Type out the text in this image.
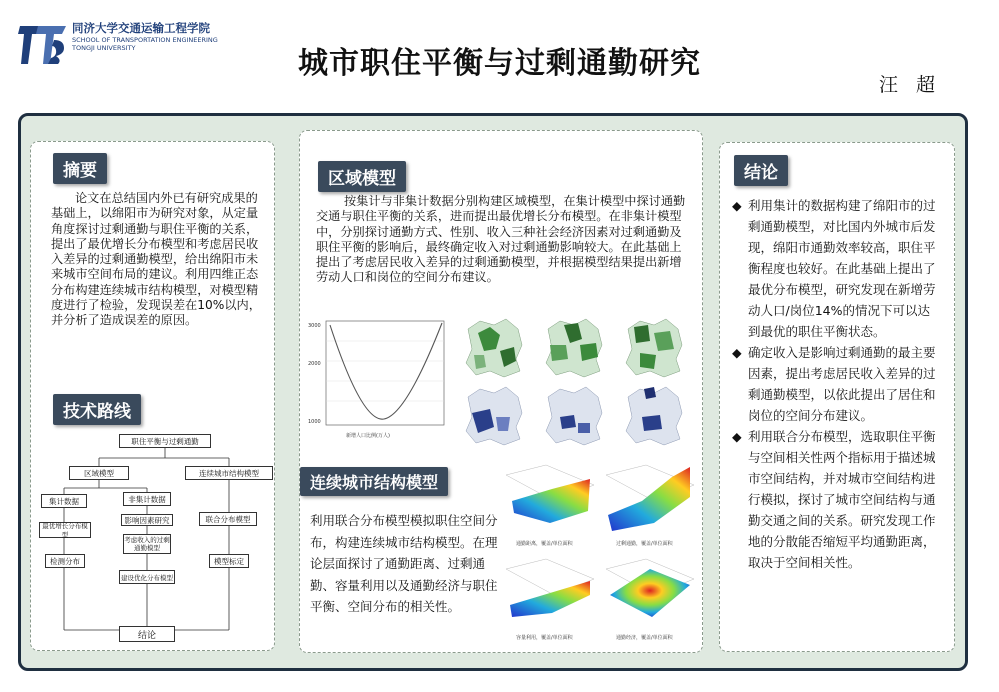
同济大学交通运输工程学院
SCHOOL OF TRANSPORTATION ENGINEERING
TONGJI UNIVERSITY	城市职住平衡与过剩通勤研究
汪 超
摘要
论文在总结国内外已有研究成果的基础上，以绵阳市为研究对象，从定量角度探讨过剩通勤与职住平衡的关系，提出了最优增长分布模型和考虑居民收入差异的过剩通勤模型，给出绵阳市未来城市空间布局的建议。利用四维正态分布构建连续城市结构模型，对模型精度进行了检验，发现误差在10%以内，并分析了造成误差的原因。
技术路线
职住平衡与过剩通勤
区域模型	连续城市结构模型
集计数据	非集计数据
影响因素研究
考虑收入的过剩通勤模型
最优增长分布模型
联合分布模型
检测分布
建设优化分布模型
模型标定
结论
区域模型
按集计与非集计数据分别构建区域模型，在集计模型中探讨通勤交通与职住平衡的关系，进而提出最优增长分布模型。在非集计模型中，分别探讨通勤方式、性别、收入三种社会经济因素对过剩通勤及职住平衡的影响后，最终确定收入对过剩通勤影响较大。在此基础上提出了考虑居民收入差异的过剩通勤模型，并根据模型结果提出新增劳动人口和岗位的空间分布建议。
3000
2000
1000
新增人口比例(万人)
连续城市结构模型
利用联合分布模型模拟职住空间分布，构建连续城市结构模型。在理论层面探讨了通勤距离、过剩通勤、容量利用以及通勤经济与职住平衡、空间分布的相关性。
通勤距离，覆盖/单位面积	过剩通勤，覆盖/单位面积
容量利用，覆盖/单位面积	通勤经济，覆盖/单位面积
结论
◆ 利用集计的数据构建了绵阳市的过剩通勤模型，对比国内外城市后发现，绵阳市通勤效率较高，职住平衡程度也较好。在此基础上提出了最优分布模型，研究发现在新增劳动人口/岗位14%的情况下可以达到最优的职住平衡状态。
◆ 确定收入是影响过剩通勤的最主要因素，提出考虑居民收入差异的过剩通勤模型，以依此提出了居住和岗位的空间分布建议。
◆ 利用联合分布模型，选取职住平衡与空间相关性两个指标用于描述城市空间结构，并对城市空间结构进行模拟，探讨了城市空间结构与通勤交通之间的关系。研究发现工作地的分散能否缩短平均通勤距离，取决于空间相关性。
